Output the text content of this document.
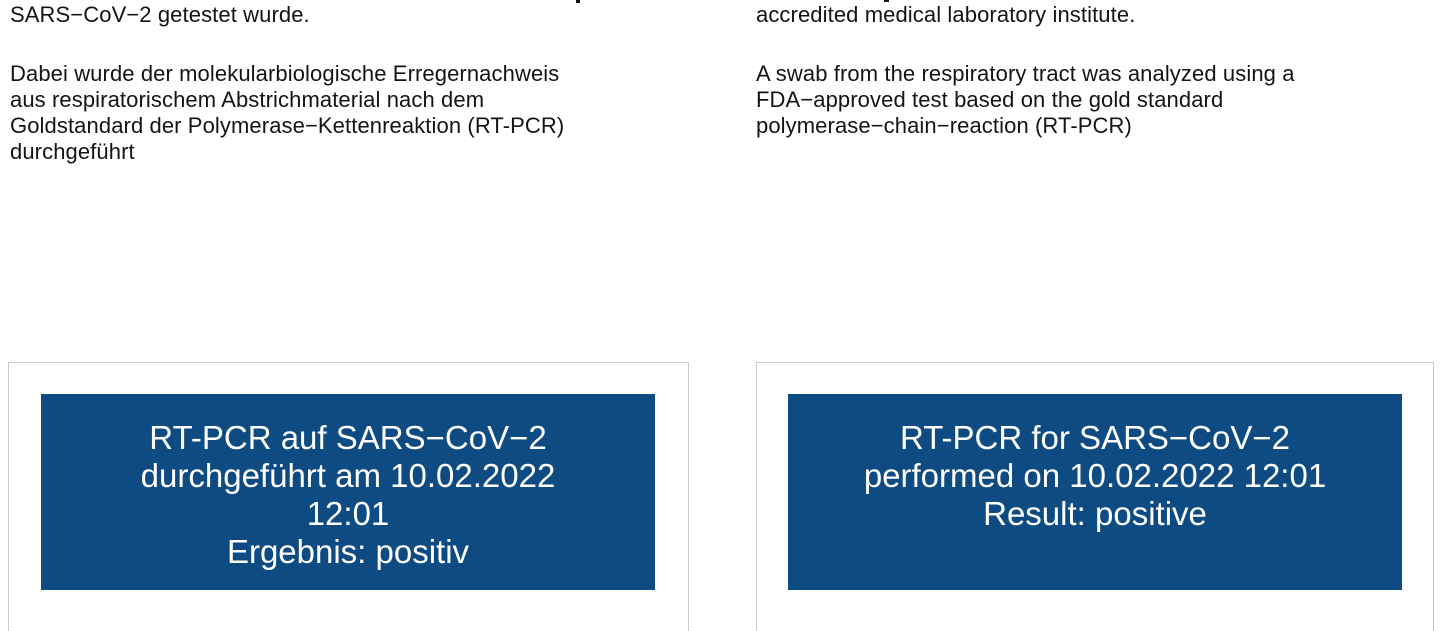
SARS−CoV−2 getestet wurde.
Dabei wurde der molekularbiologische Erregernachweis
aus respiratorischem Abstrichmaterial nach dem
Goldstandard der Polymerase−Kettenreaktion (RT-PCR)
durchgeführt
accredited medical laboratory institute.
A swab from the respiratory tract was analyzed using a
FDA−approved test based on the gold standard
polymerase−chain−reaction (RT-PCR)
RT-PCR auf SARS−CoV−2
durchgeführt am 10.02.2022
12:01
Ergebnis: positiv
RT-PCR for SARS−CoV−2
performed on 10.02.2022 12:01
Result: positive
